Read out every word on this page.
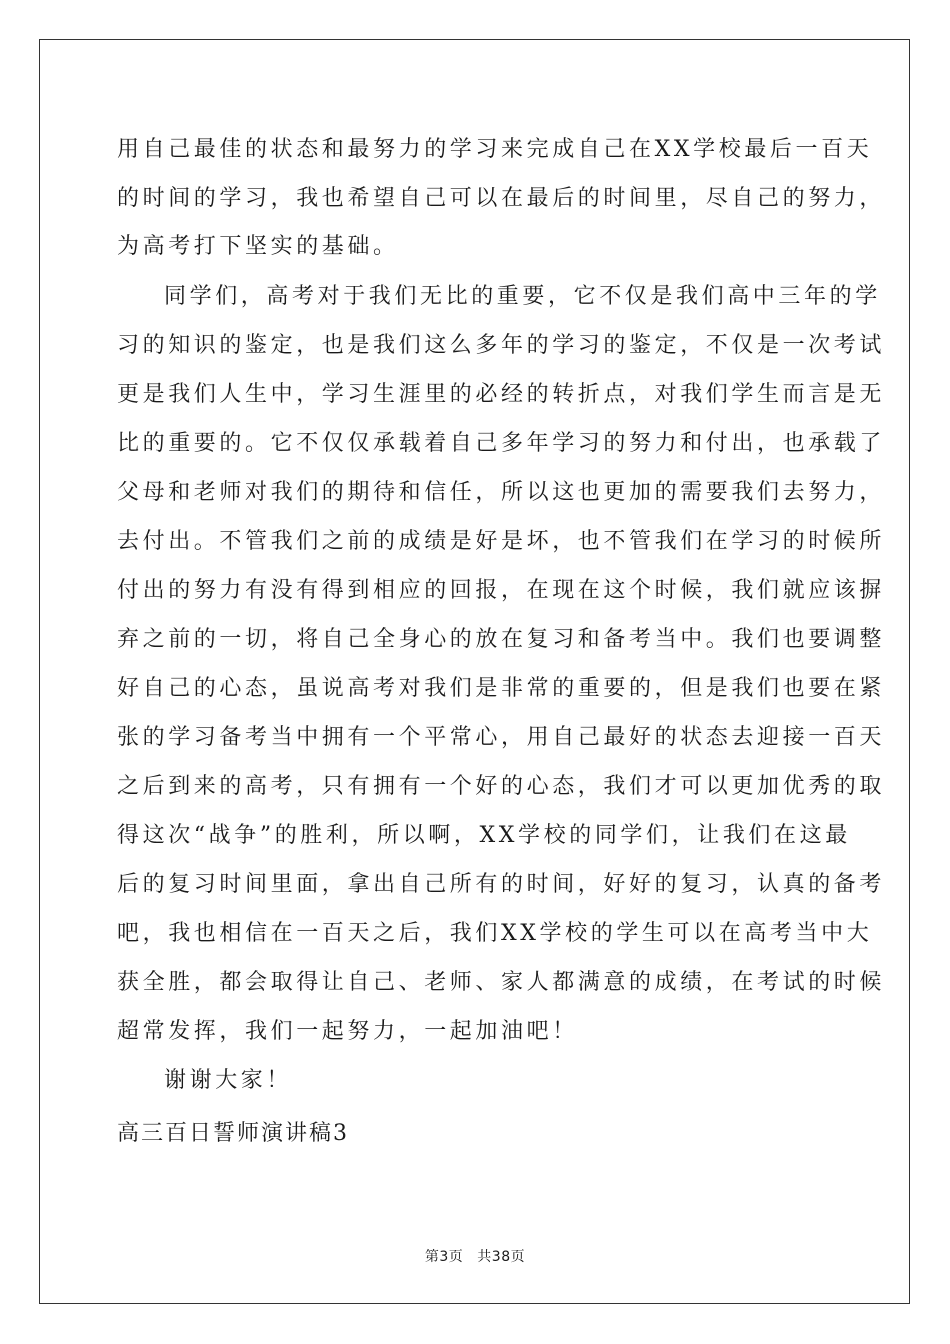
用自己最佳的状态和最努力的学习来完成自己在XX学校最后一百天
的时间的学习，我也希望自己可以在最后的时间里，尽自己的努力，
为高考打下坚实的基础。
同学们，高考对于我们无比的重要，它不仅是我们高中三年的学
习的知识的鉴定，也是我们这么多年的学习的鉴定，不仅是一次考试
更是我们人生中，学习生涯里的必经的转折点，对我们学生而言是无
比的重要的。它不仅仅承载着自己多年学习的努力和付出，也承载了
父母和老师对我们的期待和信任，所以这也更加的需要我们去努力，
去付出。不管我们之前的成绩是好是坏，也不管我们在学习的时候所
付出的努力有没有得到相应的回报，在现在这个时候，我们就应该摒
弃之前的一切，将自己全身心的放在复习和备考当中。我们也要调整
好自己的心态，虽说高考对我们是非常的重要的，但是我们也要在紧
张的学习备考当中拥有一个平常心，用自己最好的状态去迎接一百天
之后到来的高考，只有拥有一个好的心态，我们才可以更加优秀的取
得这次“战争”的胜利，所以啊，XX学校的同学们，让我们在这最
后的复习时间里面，拿出自己所有的时间，好好的复习，认真的备考
吧，我也相信在一百天之后，我们XX学校的学生可以在高考当中大
获全胜，都会取得让自己、老师、家人都满意的成绩，在考试的时候
超常发挥，我们一起努力，一起加油吧！
谢谢大家！
高三百日誓师演讲稿3
第3页 共38页
